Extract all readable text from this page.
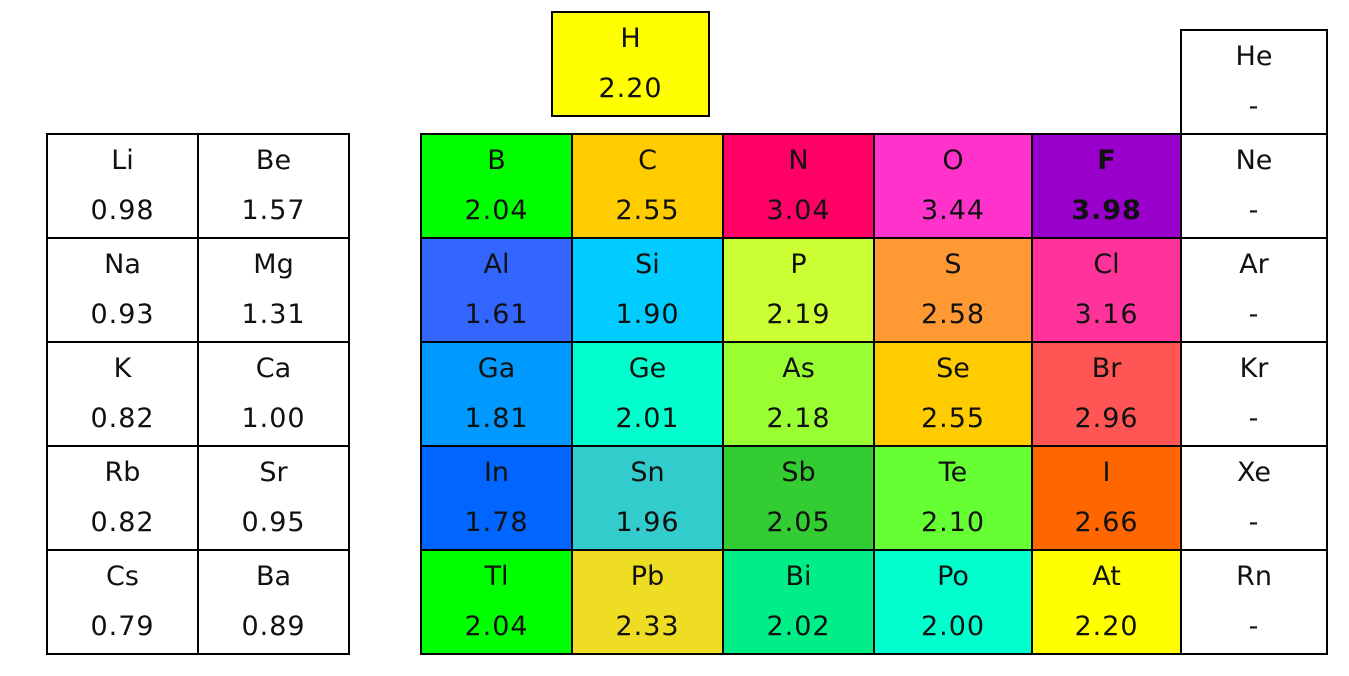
H
2.20
He
-
Li
0.98
Be
1.57
Na
0.93
Mg
1.31
K
0.82
Ca
1.00
Rb
0.82
Sr
0.95
Cs
0.79
Ba
0.89
B
2.04
C
2.55
N
3.04
O
3.44
F
3.98
Ne
-
Al
1.61
Si
1.90
P
2.19
S
2.58
Cl
3.16
Ar
-
Ga
1.81
Ge
2.01
As
2.18
Se
2.55
Br
2.96
Kr
-
In
1.78
Sn
1.96
Sb
2.05
Te
2.10
I
2.66
Xe
-
Tl
2.04
Pb
2.33
Bi
2.02
Po
2.00
At
2.20
Rn
-
